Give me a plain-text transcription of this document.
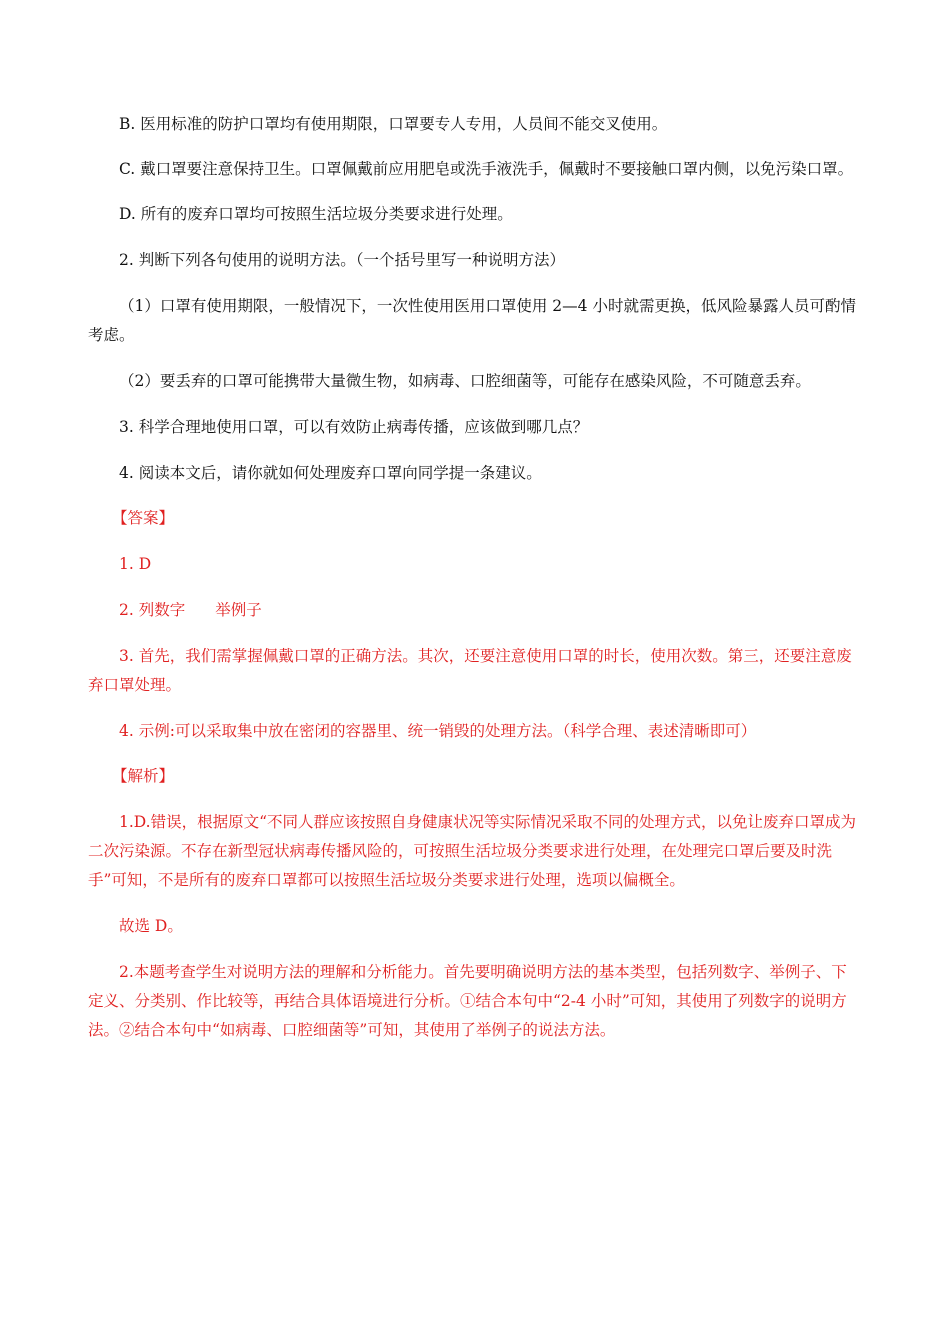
B. 医用标准的防护口罩均有使用期限，口罩要专人专用，人员间不能交叉使用。

C. 戴口罩要注意保持卫生。口罩佩戴前应用肥皂或洗手液洗手，佩戴时不要接触口罩内侧，以免污染口罩。

D. 所有的废弃口罩均可按照生活垃圾分类要求进行处理。

2. 判断下列各句使用的说明方法。（一个括号里写一种说明方法）

（1）口罩有使用期限，一般情况下，一次性使用医用口罩使用 2—4 小时就需更换，低风险暴露人员可酌情考虑。

（2）要丢弃的口罩可能携带大量微生物，如病毒、口腔细菌等，可能存在感染风险，不可随意丢弃。

3. 科学合理地使用口罩，可以有效防止病毒传播，应该做到哪几点？

4. 阅读本文后，请你就如何处理废弃口罩向同学提一条建议。

【答案】

1. D

2. 列数字 举例子

3. 首先，我们需掌握佩戴口罩的正确方法。其次，还要注意使用口罩的时长，使用次数。第三，还要注意废弃口罩处理。

4. 示例:可以采取集中放在密闭的容器里、统一销毁的处理方法。（科学合理、表述清晰即可）

【解析】

1.D.错误，根据原文“不同人群应该按照自身健康状况等实际情况采取不同的处理方式，以免让废弃口罩成为二次污染源。不存在新型冠状病毒传播风险的，可按照生活垃圾分类要求进行处理，在处理完口罩后要及时洗手”可知，不是所有的废弃口罩都可以按照生活垃圾分类要求进行处理，选项以偏概全。

故选 D。

2.本题考查学生对说明方法的理解和分析能力。首先要明确说明方法的基本类型，包括列数字、举例子、下定义、分类别、作比较等，再结合具体语境进行分析。①结合本句中“2-4 小时”可知，其使用了列数字的说明方法。②结合本句中“如病毒、口腔细菌等”可知，其使用了举例子的说法方法。
